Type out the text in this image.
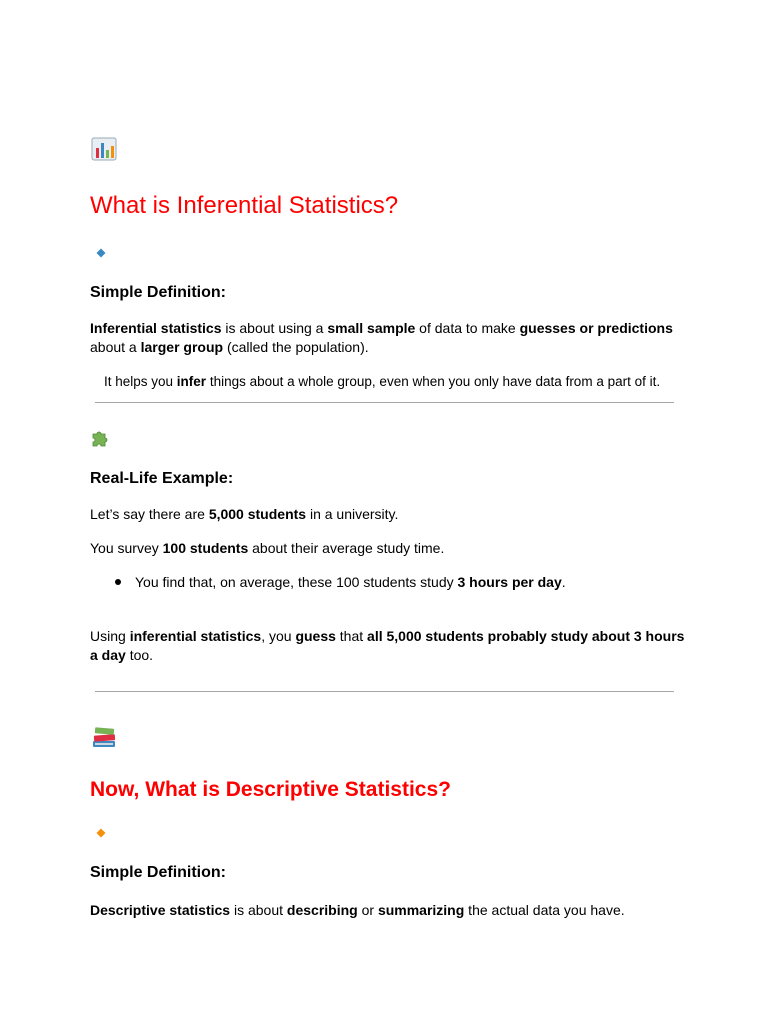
What is Inferential Statistics?
Simple Definition:
Inferential statistics is about using a small sample of data to make guesses or predictions
about a larger group (called the population).
It helps you infer things about a whole group, even when you only have data from a part of it.
Real-Life Example:
Let’s say there are 5,000 students in a university.
You survey 100 students about their average study time.
You find that, on average, these 100 students study 3 hours per day.
Using inferential statistics, you guess that all 5,000 students probably study about 3 hours
a day too.
Now, What is Descriptive Statistics?
Simple Definition:
Descriptive statistics is about describing or summarizing the actual data you have.
